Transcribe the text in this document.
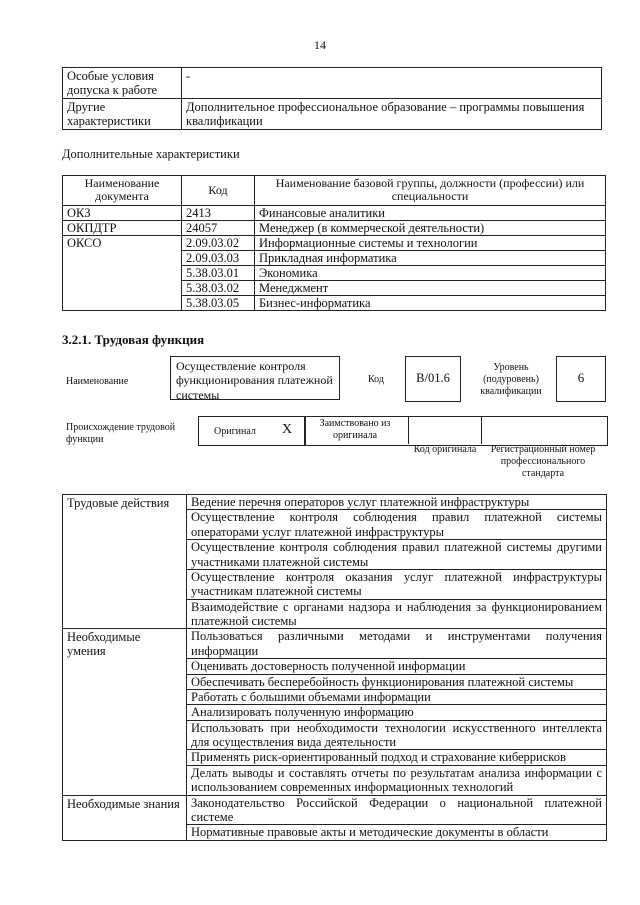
14
Особые условия допуска к работе	-
Другие характеристики	Дополнительное профессиональное образование – программы повышения квалификации
Дополнительные характеристики
Наименование документа	Код	Наименование базовой группы, должности (профессии) или специальности
ОКЗ	2413	Финансовые аналитики
ОКПДТР	24057	Менеджер (в коммерческой деятельности)
ОКСО	2.09.03.02	Информационные системы и технологии
	2.09.03.03	Прикладная информатика
	5.38.03.01	Экономика
	5.38.03.02	Менеджмент
	5.38.03.05	Бизнес-информатика
3.2.1. Трудовая функция
Наименование
Осуществление контроля функционирования платежной системы
Код	B/01.6
Уровень (подуровень) квалификации
6
Происхождение трудовой функции
Оригинал X	Заимствовано из оригинала
Код оригинала	Регистрационный номер профессионального стандарта
Трудовые действия	Ведение перечня операторов услуг платежной инфраструктуры
	Осуществление контроля соблюдения правил платежной системы операторами услуг платежной инфраструктуры
	Осуществление контроля соблюдения правил платежной системы другими участниками платежной системы
	Осуществление контроля оказания услуг платежной инфраструктуры участникам платежной системы
	Взаимодействие с органами надзора и наблюдения за функционированием платежной системы
Необходимые умения	Пользоваться различными методами и инструментами получения информации
	Оценивать достоверность полученной информации
	Обеспечивать бесперебойность функционирования платежной системы
	Работать с большими объемами информации
	Анализировать полученную информацию
	Использовать при необходимости технологии искусственного интеллекта для осуществления вида деятельности
	Применять риск-ориентированный подход и страхование киберрисков
	Делать выводы и составлять отчеты по результатам анализа информации с использованием современных информационных технологий
Необходимые знания	Законодательство Российской Федерации о национальной платежной системе
	Нормативные правовые акты и методические документы в области
